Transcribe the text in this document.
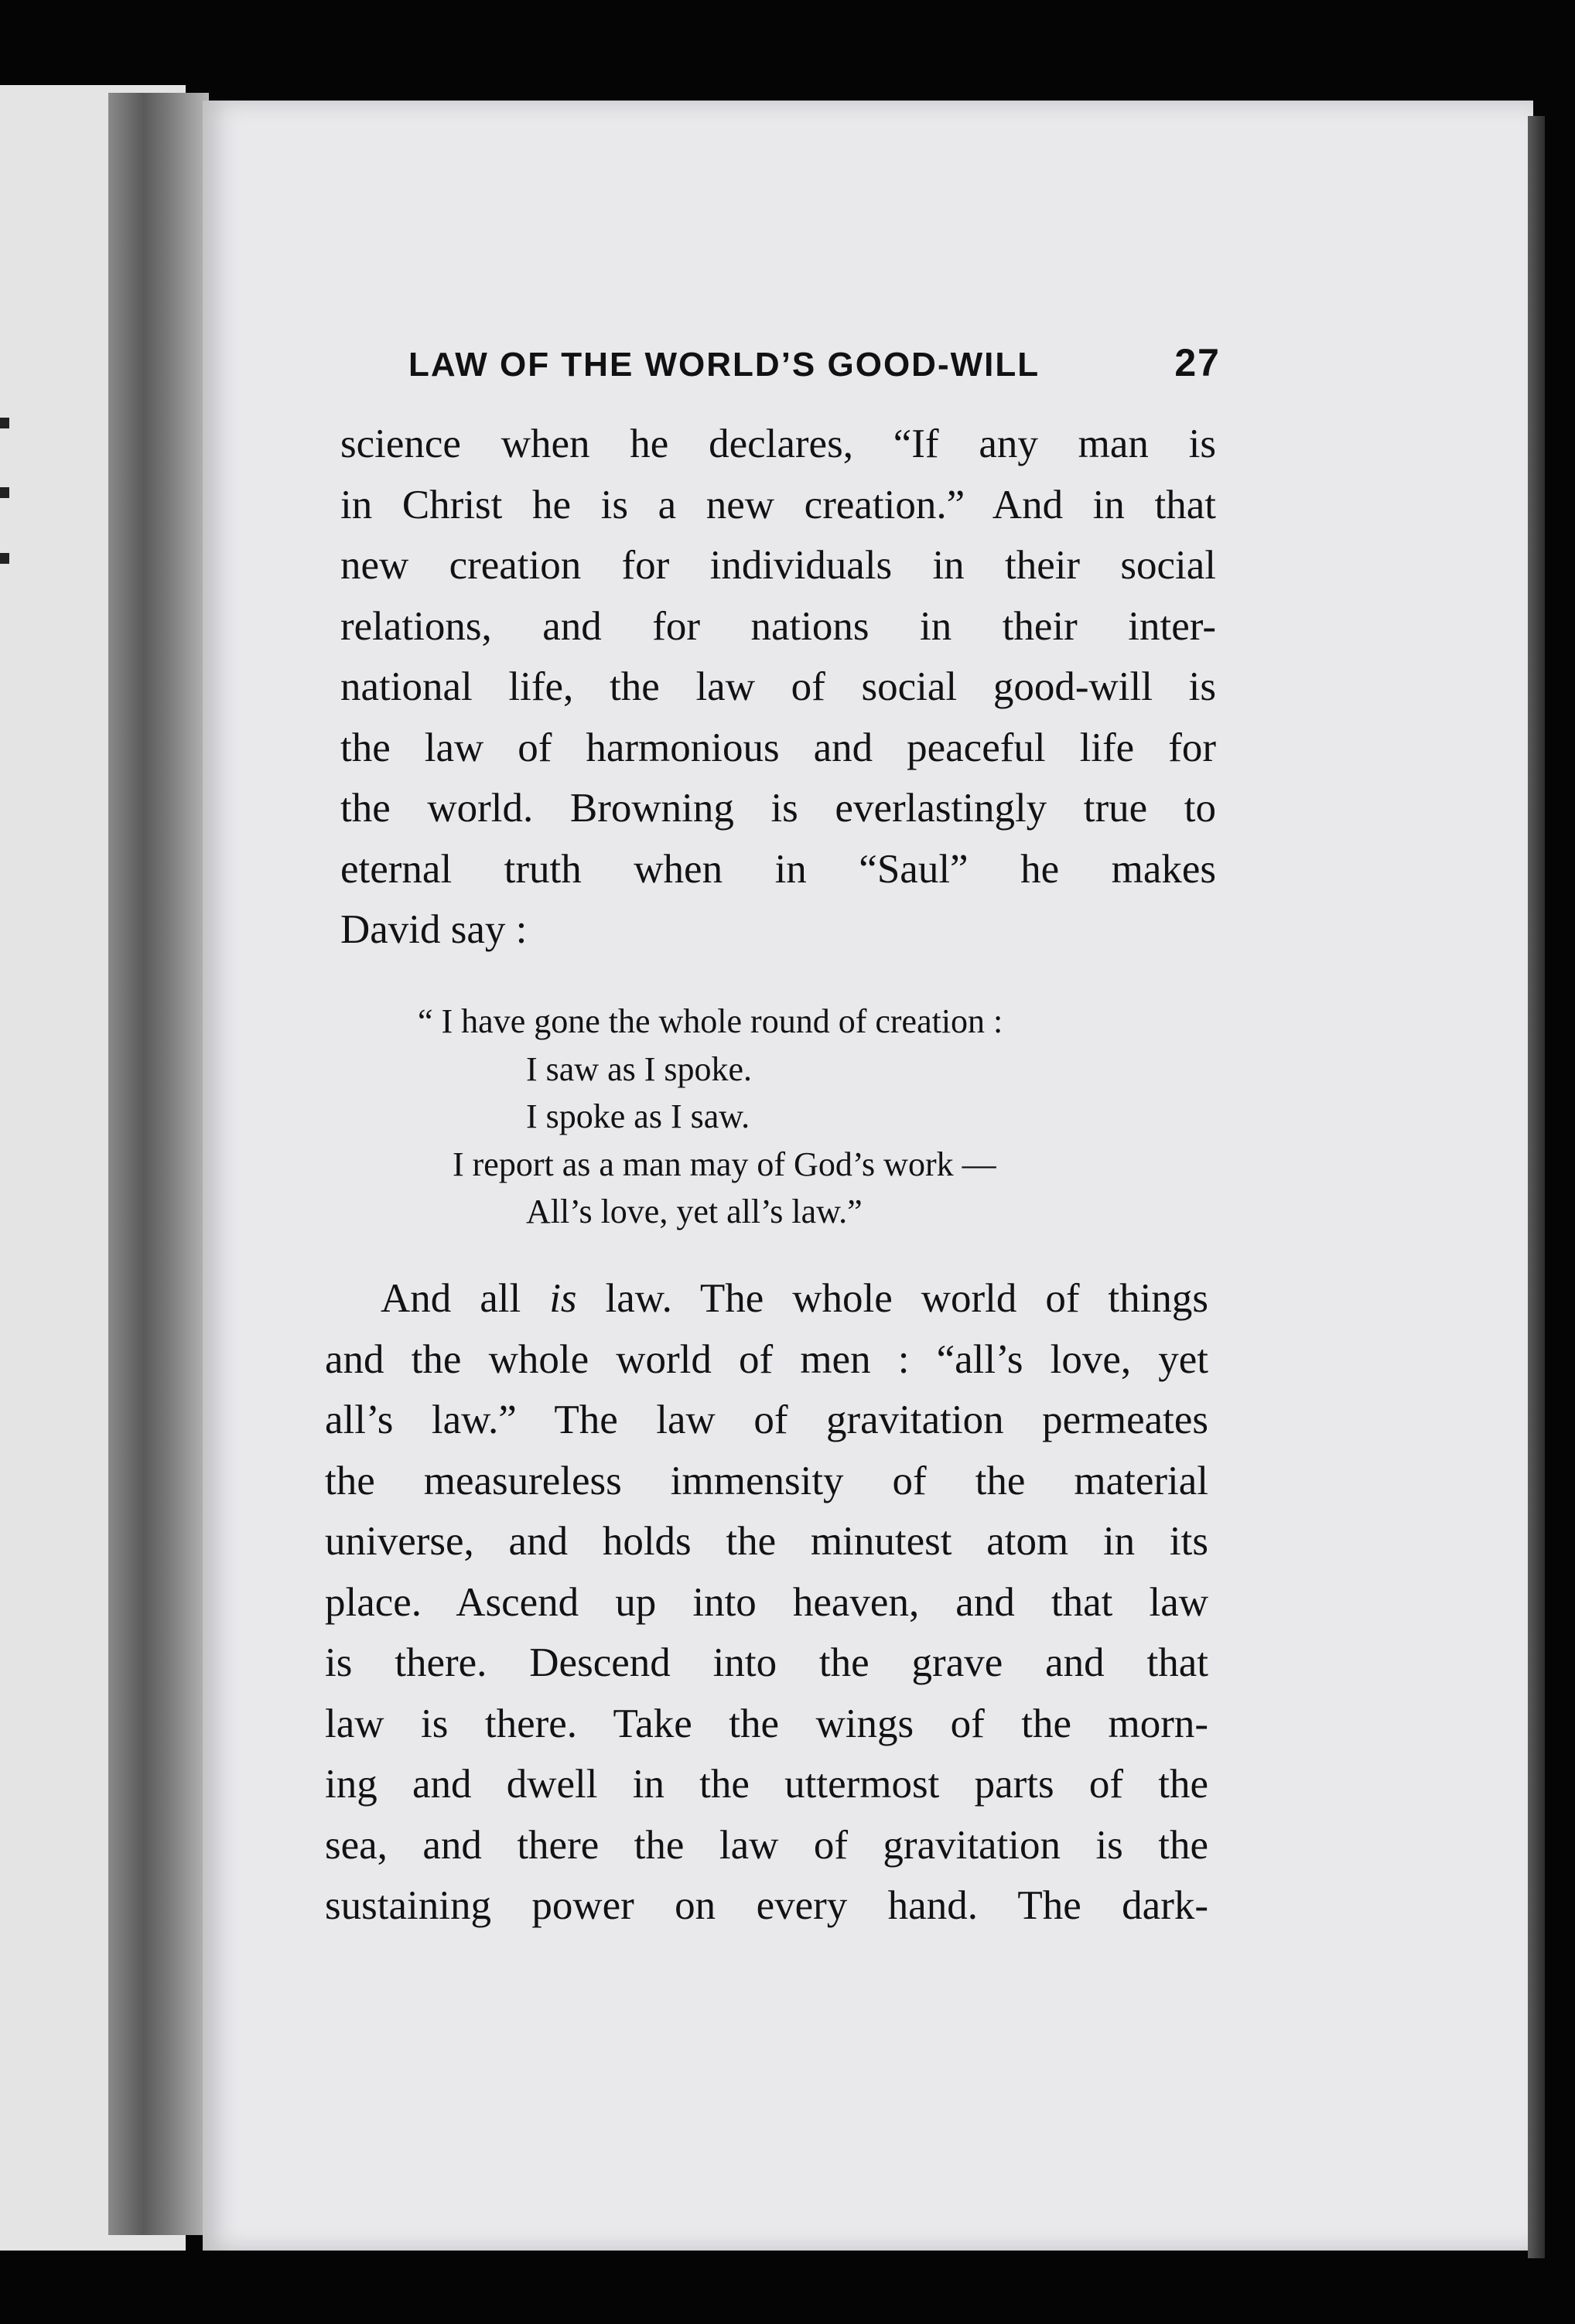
LAW OF THE WORLD’S GOOD-WILL	27
science when he declares, “If any man is
in Christ he is a new creation.” And in that
new creation for individuals in their social
relations, and for nations in their inter-
national life, the law of social good-will is
the law of harmonious and peaceful life for
the world. Browning is everlastingly true to
eternal truth when in “Saul” he makes
David say :
“ I have gone the whole round of creation :
I saw as I spoke.
I spoke as I saw.
I report as a man may of God’s work —
All’s love, yet all’s law.”
And all is law. The whole world of things
and the whole world of men : “all’s love, yet
all’s law.” The law of gravitation permeates
the measureless immensity of the material
universe, and holds the minutest atom in its
place. Ascend up into heaven, and that law
is there. Descend into the grave and that
law is there. Take the wings of the morn-
ing and dwell in the uttermost parts of the
sea, and there the law of gravitation is the
sustaining power on every hand. The dark-
